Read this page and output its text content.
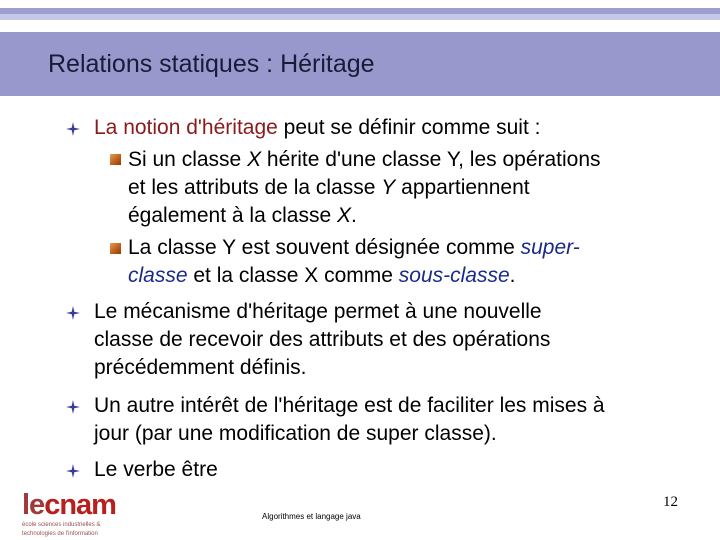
Relations statiques : Héritage
La notion d'héritage peut se définir comme suit :
Si un classe X hérite d'une classe Y, les opérations
et les attributs de la classe Y appartiennent
également à la classe X.
La classe Y est souvent désignée comme super-
classe et la classe X comme sous-classe.
Le mécanisme d'héritage permet à une nouvelle
classe de recevoir des attributs et des opérations
précédemment définis.
Un autre intérêt de l'héritage est de faciliter les mises à
jour (par une modification de super classe).
Le verbe être
lecnam
école sciences industrielles &
technologies de l'information
Algorithmes et langage java
12
